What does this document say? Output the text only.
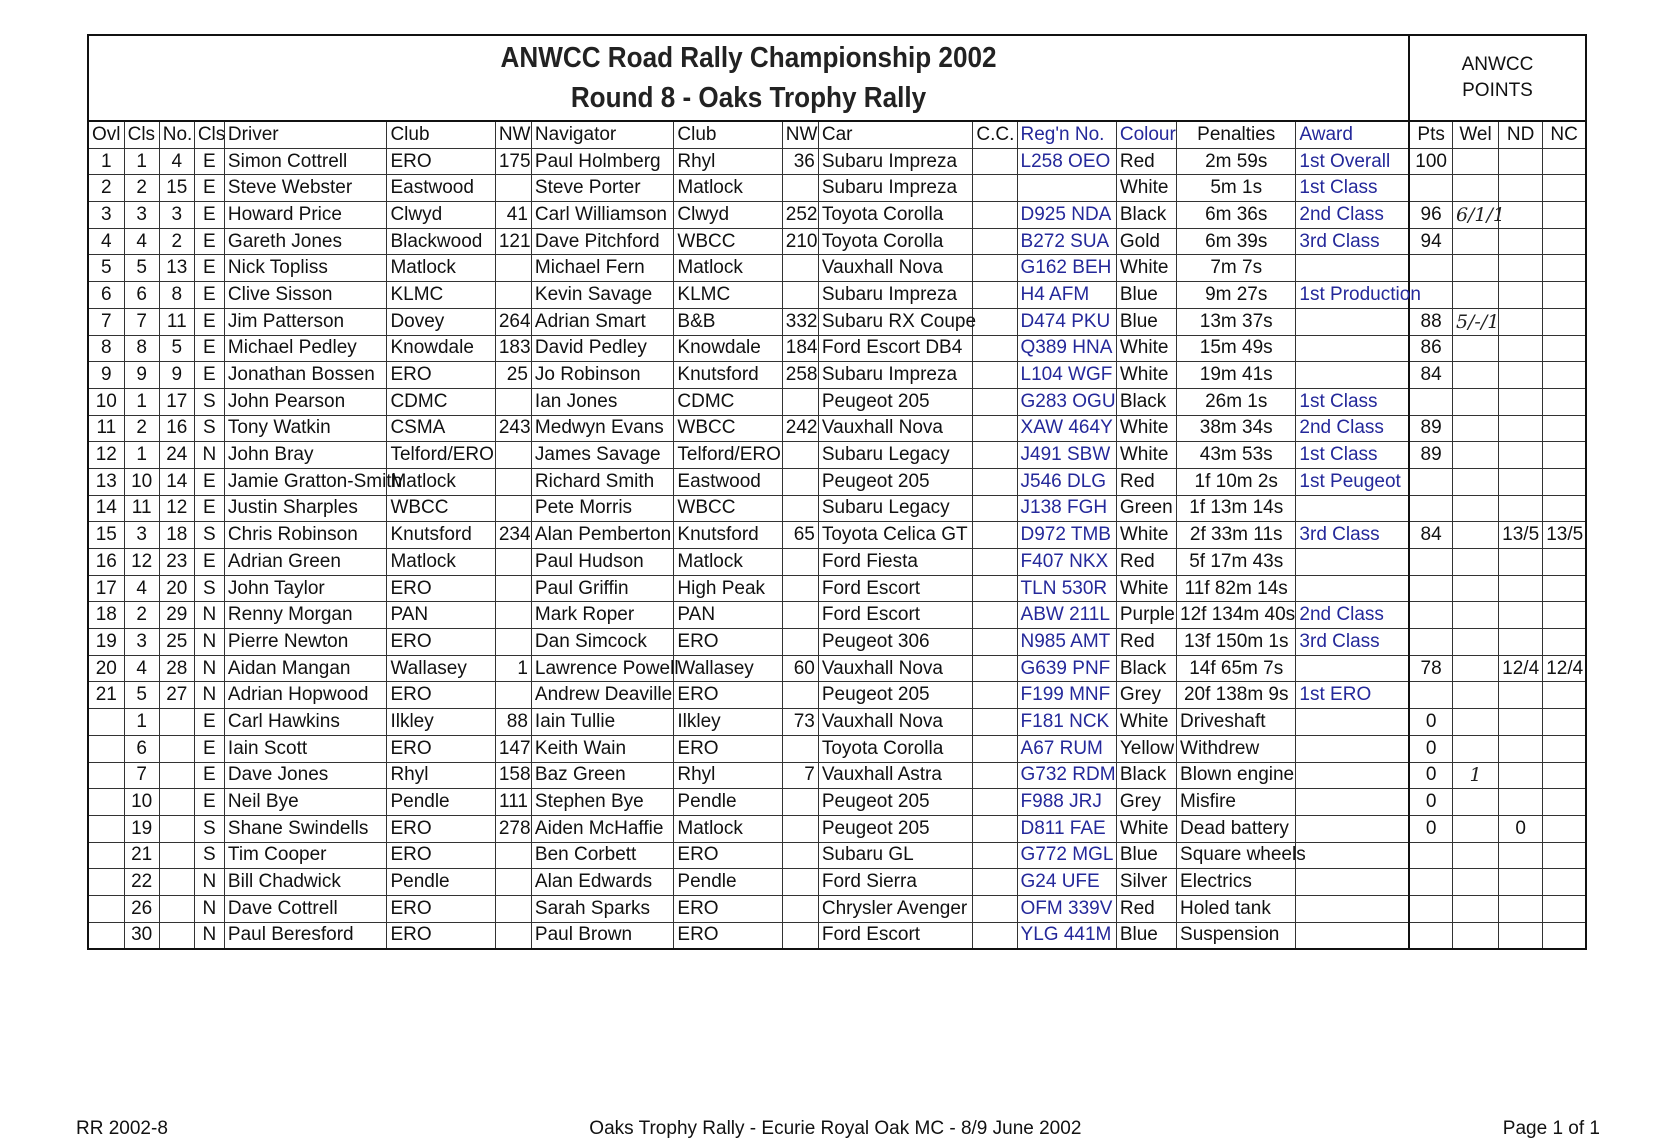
ANWCC Road Rally Championship 2002
Round 8 - Oaks Trophy Rally
ANWCC
POINTS
Ovl	Cls	No.	Cls	Driver	Club	NW	Navigator	Club	NW	Car	C.C.	Reg'n No.	Colour	Penalties	Award	Pts	Wel	ND	NC
1	1	4	E	Simon Cottrell	ERO	175	Paul Holmberg	Rhyl	36	Subaru Impreza		L258 OEO	Red	2m 59s	1st Overall	100			
2	2	15	E	Steve Webster	Eastwood		Steve Porter	Matlock		Subaru Impreza			White	5m 1s	1st Class				
3	3	3	E	Howard Price	Clwyd	41	Carl Williamson	Clwyd	252	Toyota Corolla		D925 NDA	Black	6m 36s	2nd Class	96	6/1/1		
4	4	2	E	Gareth Jones	Blackwood	121	Dave Pitchford	WBCC	210	Toyota Corolla		B272 SUA	Gold	6m 39s	3rd Class	94			
5	5	13	E	Nick Topliss	Matlock		Michael Fern	Matlock		Vauxhall Nova		G162 BEH	White	7m 7s					
6	6	8	E	Clive Sisson	KLMC		Kevin Savage	KLMC		Subaru Impreza		H4 AFM	Blue	9m 27s	1st Production				
7	7	11	E	Jim Patterson	Dovey	264	Adrian Smart	B&B	332	Subaru RX Coupe		D474 PKU	Blue	13m 37s		88	5/-/1		
8	8	5	E	Michael Pedley	Knowdale	183	David Pedley	Knowdale	184	Ford Escort DB4		Q389 HNA	White	15m 49s		86			
9	9	9	E	Jonathan Bossen	ERO	25	Jo Robinson	Knutsford	258	Subaru Impreza		L104 WGF	White	19m 41s		84			
10	1	17	S	John Pearson	CDMC		Ian Jones	CDMC		Peugeot 205		G283 OGU	Black	26m 1s	1st Class				
11	2	16	S	Tony Watkin	CSMA	243	Medwyn Evans	WBCC	242	Vauxhall Nova		XAW 464Y	White	38m 34s	2nd Class	89			
12	1	24	N	John Bray	Telford/ERO		James Savage	Telford/ERO		Subaru Legacy		J491 SBW	White	43m 53s	1st Class	89			
13	10	14	E	Jamie Gratton-Smith	Matlock		Richard Smith	Eastwood		Peugeot 205		J546 DLG	Red	1f 10m 2s	1st Peugeot				
14	11	12	E	Justin Sharples	WBCC		Pete Morris	WBCC		Subaru Legacy		J138 FGH	Green	1f 13m 14s					
15	3	18	S	Chris Robinson	Knutsford	234	Alan Pemberton	Knutsford	65	Toyota Celica GT		D972 TMB	White	2f 33m 11s	3rd Class	84		13/5	13/5
16	12	23	E	Adrian Green	Matlock		Paul Hudson	Matlock		Ford Fiesta		F407 NKX	Red	5f 17m 43s					
17	4	20	S	John Taylor	ERO		Paul Griffin	High Peak		Ford Escort		TLN 530R	White	11f 82m 14s					
18	2	29	N	Renny Morgan	PAN		Mark Roper	PAN		Ford Escort		ABW 211L	Purple	12f 134m 40s	2nd Class				
19	3	25	N	Pierre Newton	ERO		Dan Simcock	ERO		Peugeot 306		N985 AMT	Red	13f 150m 1s	3rd Class				
20	4	28	N	Aidan Mangan	Wallasey	1	Lawrence Powell	Wallasey	60	Vauxhall Nova		G639 PNF	Black	14f 65m 7s		78		12/4	12/4
21	5	27	N	Adrian Hopwood	ERO		Andrew Deaville	ERO		Peugeot 205		F199 MNF	Grey	20f 138m 9s	1st ERO				
	1		E	Carl Hawkins	Ilkley	88	Iain Tullie	Ilkley	73	Vauxhall Nova		F181 NCK	White	Driveshaft		0			
	6		E	Iain Scott	ERO	147	Keith Wain	ERO		Toyota Corolla		A67 RUM	Yellow	Withdrew		0			
	7		E	Dave Jones	Rhyl	158	Baz Green	Rhyl	7	Vauxhall Astra		G732 RDM	Black	Blown engine		0	1		
	10		E	Neil Bye	Pendle	111	Stephen Bye	Pendle		Peugeot 205		F988 JRJ	Grey	Misfire		0			
	19		S	Shane Swindells	ERO	278	Aiden McHaffie	Matlock		Peugeot 205		D811 FAE	White	Dead battery		0		0	
	21		S	Tim Cooper	ERO		Ben Corbett	ERO		Subaru GL		G772 MGL	Blue	Square wheels					
	22		N	Bill Chadwick	Pendle		Alan Edwards	Pendle		Ford Sierra		G24 UFE	Silver	Electrics					
	26		N	Dave Cottrell	ERO		Sarah Sparks	ERO		Chrysler Avenger		OFM 339V	Red	Holed tank					
	30		N	Paul Beresford	ERO		Paul Brown	ERO		Ford Escort		YLG 441M	Blue	Suspension					
RR 2002-8	Oaks Trophy Rally - Ecurie Royal Oak MC - 8/9 June 2002	Page 1 of 1
